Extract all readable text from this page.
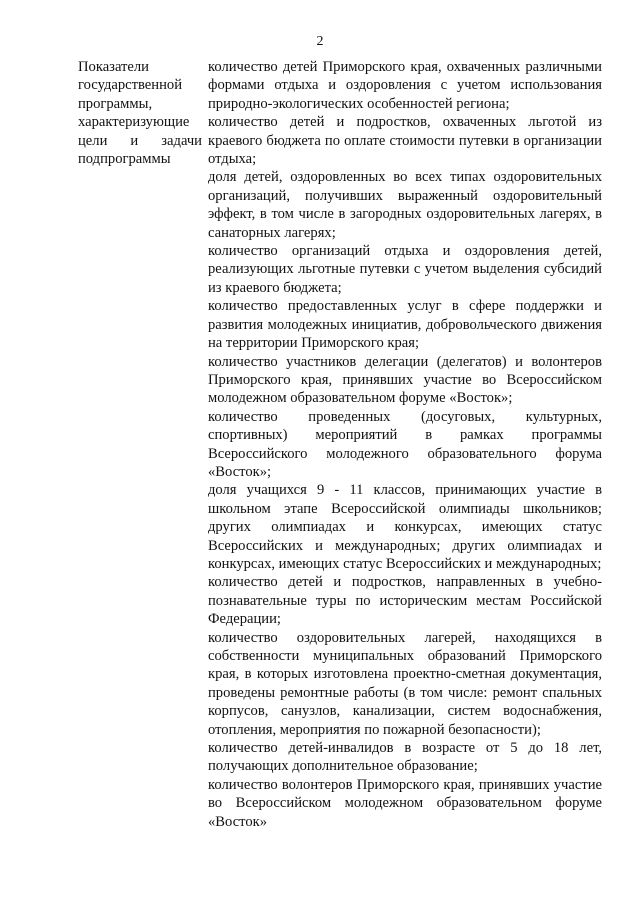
2
Показатели
государственной
программы,
характеризующие
цели и задачи
подпрограммы

количество детей Приморского края, охваченных различными формами отдыха и оздоровления с учетом использования природно-экологических особенностей региона;

количество детей и подростков, охваченных льготой из краевого бюджета по оплате стоимости путевки в организации отдыха;

доля детей, оздоровленных во всех типах оздоровительных организаций, получивших выраженный оздоровительный эффект, в том числе в загородных оздоровительных лагерях, в санаторных лагерях;

количество организаций отдыха и оздоровления детей, реализующих льготные путевки с учетом выделения субсидий из краевого бюджета;

количество предоставленных услуг в сфере поддержки и развития молодежных инициатив, добровольческого движения на территории Приморского края;

количество участников делегации (делегатов) и волонтеров Приморского края, принявших участие во Всероссийском молодежном образовательном форуме «Восток»;

количество проведенных (досуговых, культурных, спортивных) мероприятий в рамках программы Всероссийского молодежного образовательного форума «Восток»;

доля учащихся 9 - 11 классов, принимающих участие в школьном этапе Всероссийской олимпиады школьников; других олимпиадах и конкурсах, имеющих статус Всероссийских и международных; других олимпиадах и конкурсах, имеющих статус Всероссийских и международных;

количество детей и подростков, направленных в учебно-познавательные туры по историческим местам Российской Федерации;

количество оздоровительных лагерей, находящихся в собственности муниципальных образований Приморского края, в которых изготовлена проектно-сметная документация, проведены ремонтные работы (в том числе: ремонт спальных корпусов, санузлов, канализации, систем водоснабжения, отопления, мероприятия по пожарной безопасности);

количество детей-инвалидов в возрасте от 5 до 18 лет, получающих дополнительное образование;

количество волонтеров Приморского края, принявших участие во Всероссийском молодежном образовательном форуме «Восток»
